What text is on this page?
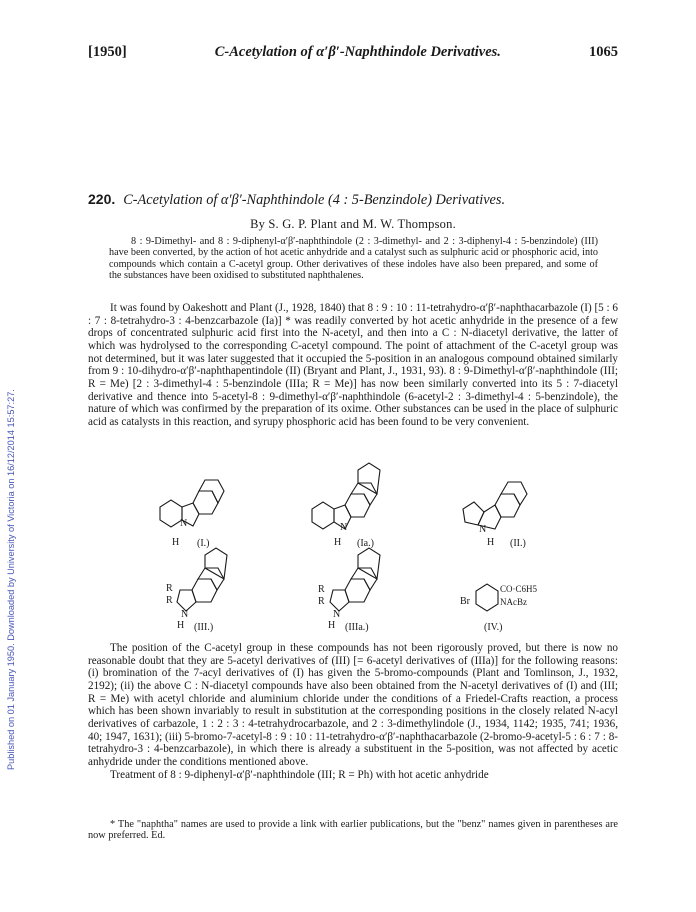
[1950]	C-Acetylation of α′β′-Naphthindole Derivatives.	1065
Published on 01 January 1950. Downloaded by University of Victoria on 16/12/2014 15:57:27.
220. C-Acetylation of α′β′-Naphthindole (4 : 5-Benzindole) Derivatives.
By S. G. P. Plant and M. W. Thompson.

8 : 9-Dimethyl- and 8 : 9-diphenyl-α′β′-naphthindole (2 : 3-dimethyl- and 2 : 3-diphenyl-4 : 5-benzindole) (III) have been converted, by the action of hot acetic anhydride and a catalyst such as sulphuric acid or phosphoric acid, into compounds which contain a C-acetyl group. Other derivatives of these indoles have also been prepared, and some of the substances have been oxidised to substituted naphthalenes.

It was found by Oakeshott and Plant (J., 1928, 1840) that 8 : 9 : 10 : 11-tetrahydro-α′β′-naphthacarbazole (I) [5 : 6 : 7 : 8-tetrahydro-3 : 4-benzcarbazole (Ia)] * was readily converted by hot acetic anhydride in the presence of a few drops of concentrated sulphuric acid first into the N-acetyl, and then into a C : N-diacetyl derivative, the latter of which was hydrolysed to the corresponding C-acetyl compound. The point of attachment of the C-acetyl group was not determined, but it was later suggested that it occupied the 5-position in an analogous compound obtained similarly from 9 : 10-dihydro-α′β′-naphthapentindole (II) (Bryant and Plant, J., 1931, 93). 8 : 9-Dimethyl-α′β′-naphthindole (III; R = Me) [2 : 3-dimethyl-4 : 5-benzindole (IIIa; R = Me)] has now been similarly converted into its 5 : 7-diacetyl derivative and thence into 5-acetyl-8 : 9-dimethyl-α′β′-naphthindole (6-acetyl-2 : 3-dimethyl-4 : 5-benzindole), the nature of which was confirmed by the preparation of its oxime. Other substances can be used in the place of sulphuric acid as catalysts in this reaction, and syrupy phosphoric acid has been found to be very convenient.

N
H (I.)
N
H (Ia.)
N
H (II.)
R
R
N
H (III.)
R
R
N
H (IIIa.)
Br
CO·C6H5
NAcBz
(IV.)

The position of the C-acetyl group in these compounds has not been rigorously proved, but there is now no reasonable doubt that they are 5-acetyl derivatives of (III) [= 6-acetyl derivatives of (IIIa)] for the following reasons: (i) bromination of the 7-acyl derivatives of (I) has given the 5-bromo-compounds (Plant and Tomlinson, J., 1932, 2192); (ii) the above C : N-diacetyl compounds have also been obtained from the N-acetyl derivatives of (I) and (III; R = Me) with acetyl chloride and aluminium chloride under the conditions of a Friedel-Crafts reaction, a process which has been shown invariably to result in substitution at the corresponding positions in the closely related N-acyl derivatives of carbazole, 1 : 2 : 3 : 4-tetrahydrocarbazole, and 2 : 3-dimethylindole (J., 1934, 1142; 1935, 741; 1936, 40; 1947, 1631); (iii) 5-bromo-7-acetyl-8 : 9 : 10 : 11-tetrahydro-α′β′-naphthacarbazole (2-bromo-9-acetyl-5 : 6 : 7 : 8-tetrahydro-3 : 4-benzcarbazole), in which there is already a substituent in the 5-position, was not affected by acetic anhydride under the conditions mentioned above.

Treatment of 8 : 9-diphenyl-α′β′-naphthindole (III; R = Ph) with hot acetic anhydride

* The "naphtha" names are used to provide a link with earlier publications, but the "benz" names given in parentheses are now preferred. Ed.
